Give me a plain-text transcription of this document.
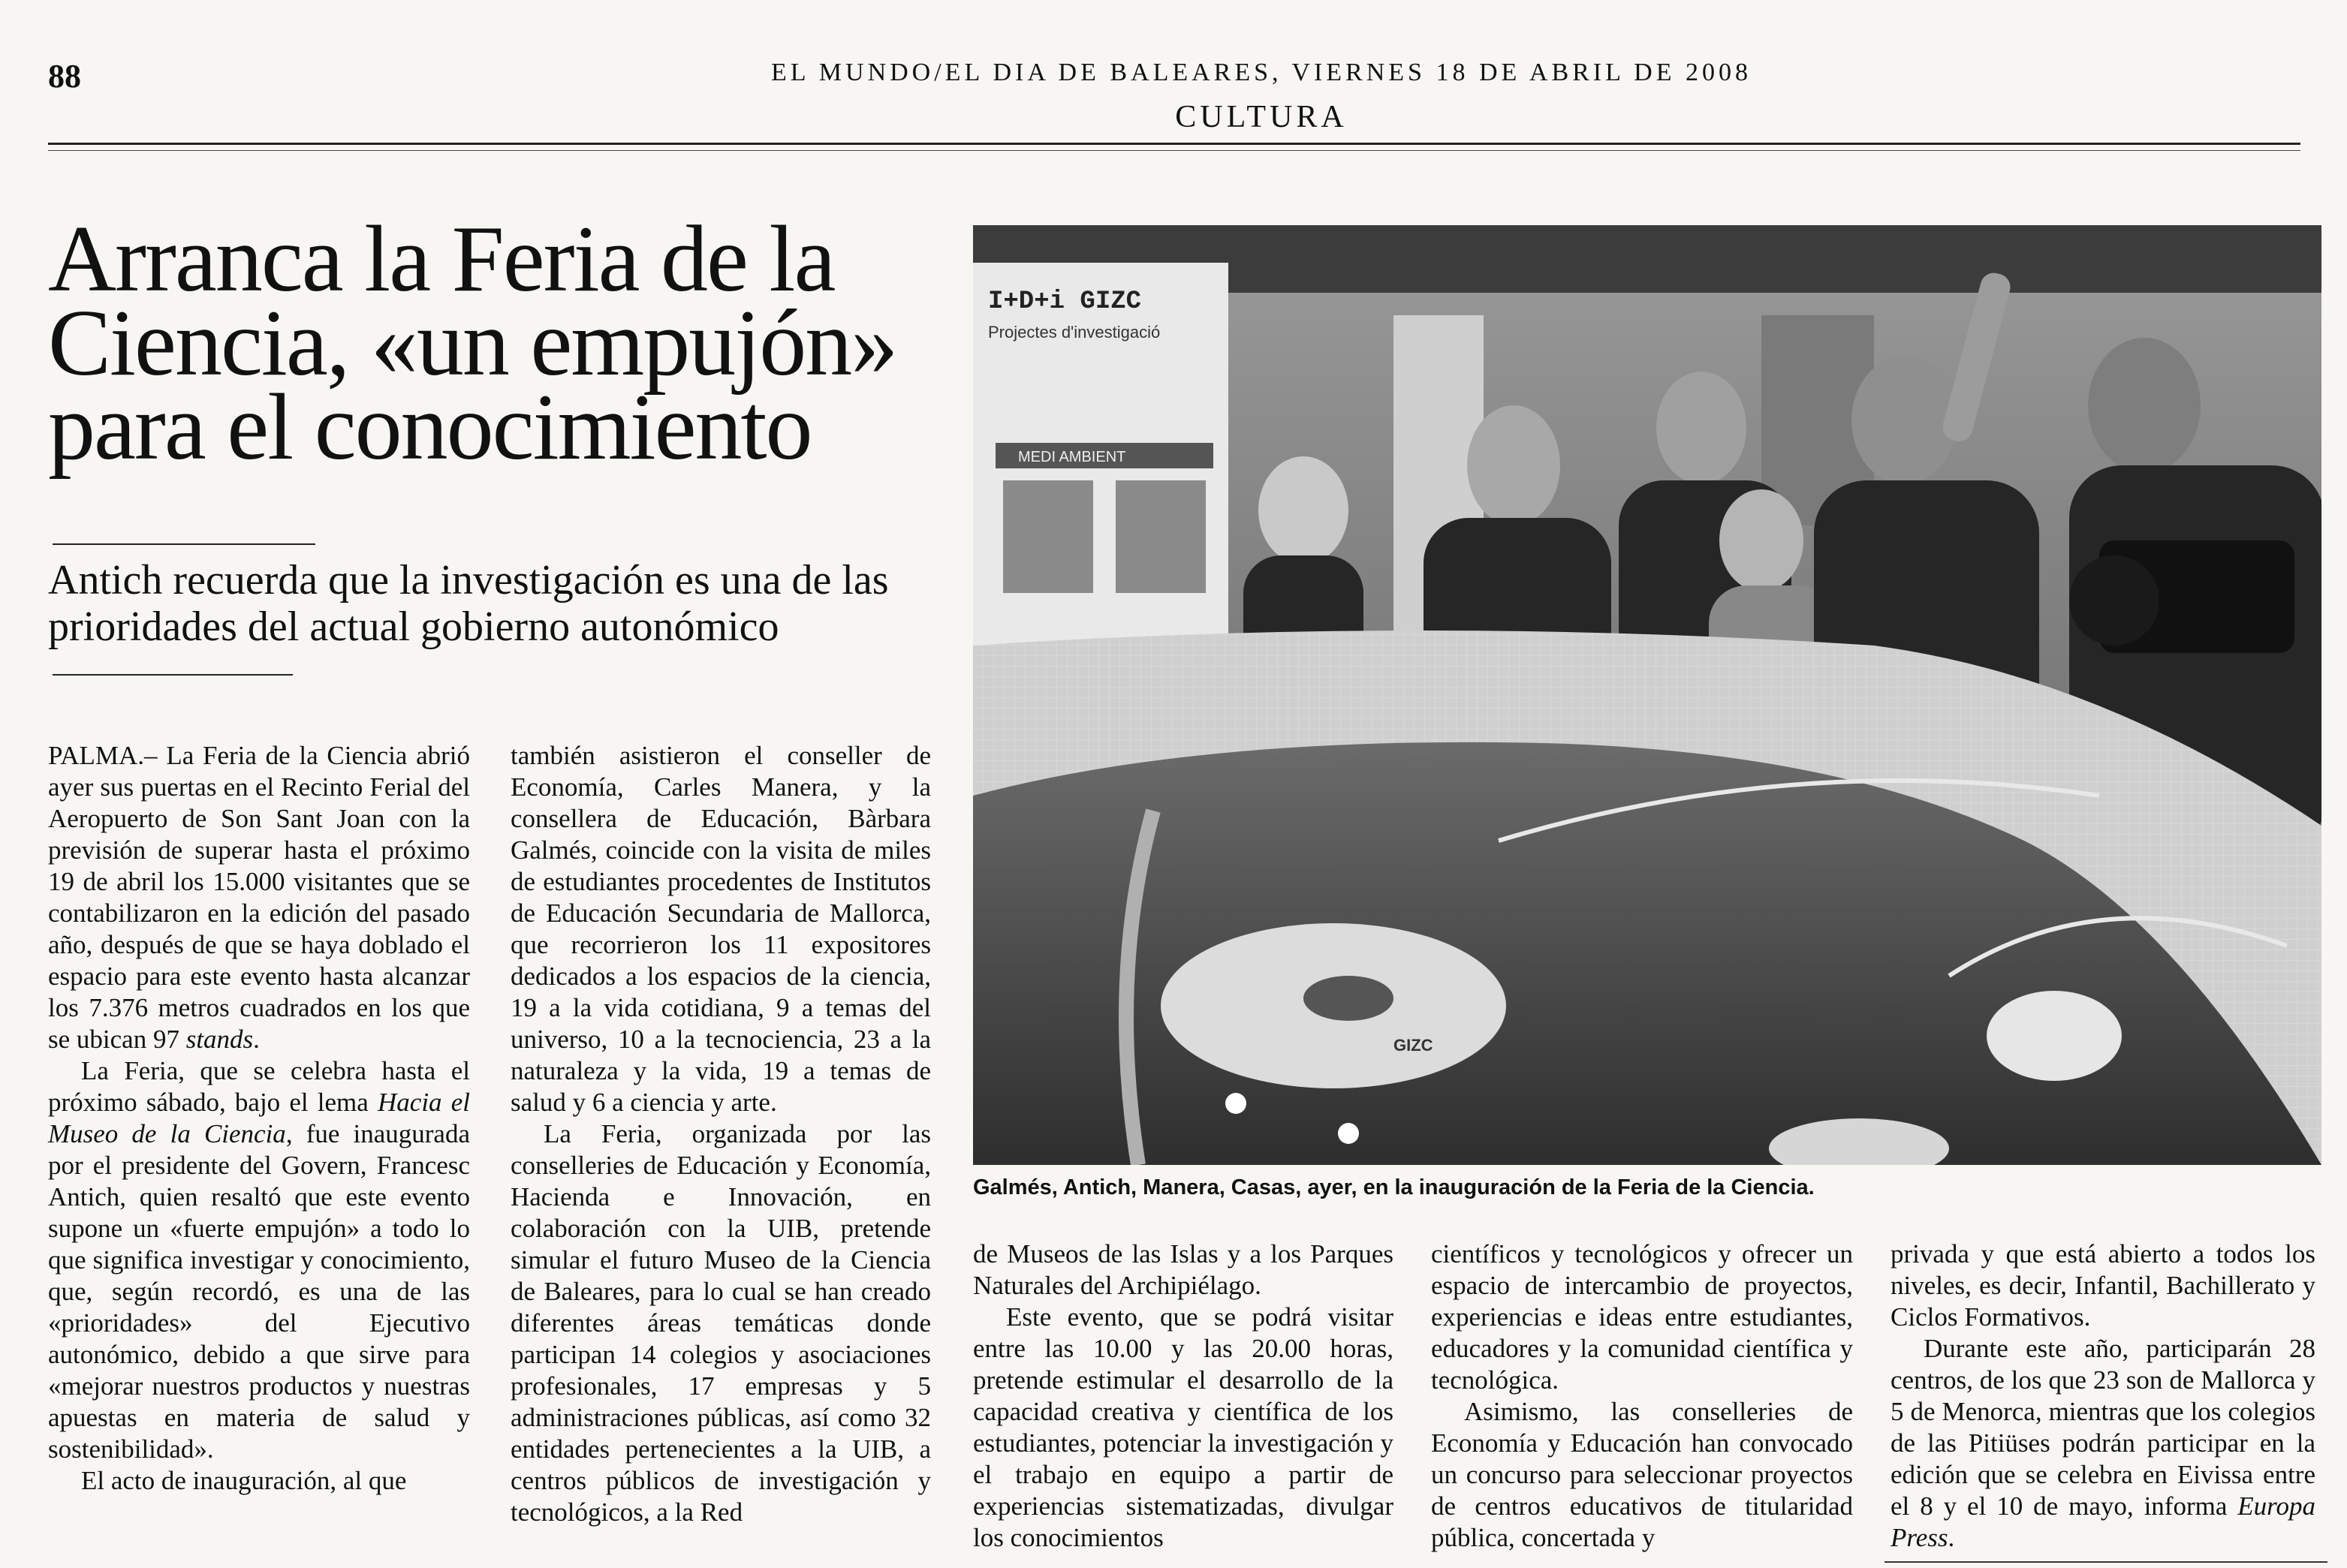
88	EL MUNDO/EL DIA DE BALEARES, VIERNES 18 DE ABRIL DE 2008
CULTURA
Arranca la Feria de la Ciencia, «un empujón» para el conocimiento
Antich recuerda que la investigación es una de las prioridades del actual gobierno autonómico
I+D+i GIZC
Projectes d'investigació
MEDI AMBIENT
GIZC
Galmés, Antich, Manera, Casas, ayer, en la inauguración de la Feria de la Ciencia.

PALMA.– La Feria de la Ciencia abrió ayer sus puertas en el Recinto Ferial del Aeropuerto de Son Sant Joan con la previsión de superar hasta el próximo 19 de abril los 15.000 visitantes que se contabilizaron en la edición del pasado año, después de que se haya doblado el espacio para este evento hasta alcanzar los 7.376 metros cuadrados en los que se ubican 97 stands.

La Feria, que se celebra hasta el próximo sábado, bajo el lema Hacia el Museo de la Ciencia, fue inaugurada por el presidente del Govern, Francesc Antich, quien resaltó que este evento supone un «fuerte empujón» a todo lo que significa investigar y conocimiento, que, según recordó, es una de las «prioridades» del Ejecutivo autonómico, debido a que sirve para «mejorar nuestros productos y nuestras apuestas en materia de salud y sostenibilidad».

El acto de inauguración, al que

también asistieron el conseller de Economía, Carles Manera, y la consellera de Educación, Bàrbara Galmés, coincide con la visita de miles de estudiantes procedentes de Institutos de Educación Secundaria de Mallorca, que recorrieron los 11 expositores dedicados a los espacios de la ciencia, 19 a la vida cotidiana, 9 a temas del universo, 10 a la tecnociencia, 23 a la naturaleza y la vida, 19 a temas de salud y 6 a ciencia y arte.

La Feria, organizada por las conselleries de Educación y Economía, Hacienda e Innovación, en colaboración con la UIB, pretende simular el futuro Museo de la Ciencia de Baleares, para lo cual se han creado diferentes áreas temáticas donde participan 14 colegios y asociaciones profesionales, 17 empresas y 5 administraciones públicas, así como 32 entidades pertenecientes a la UIB, a centros públicos de investigación y tecnológicos, a la Red

de Museos de las Islas y a los Parques Naturales del Archipiélago.

Este evento, que se podrá visitar entre las 10.00 y las 20.00 horas, pretende estimular el desarrollo de la capacidad creativa y científica de los estudiantes, potenciar la investigación y el trabajo en equipo a partir de experiencias sistematizadas, divulgar los conocimientos

científicos y tecnológicos y ofrecer un espacio de intercambio de proyectos, experiencias e ideas entre estudiantes, educadores y la comunidad científica y tecnológica.

Asimismo, las conselleries de Economía y Educación han convocado un concurso para seleccionar proyectos de centros educativos de titularidad pública, concertada y

privada y que está abierto a todos los niveles, es decir, Infantil, Bachillerato y Ciclos Formativos.

Durante este año, participarán 28 centros, de los que 23 son de Mallorca y 5 de Menorca, mientras que los colegios de las Pitiüses podrán participar en la edición que se celebra en Eivissa entre el 8 y el 10 de mayo, informa Europa Press.
